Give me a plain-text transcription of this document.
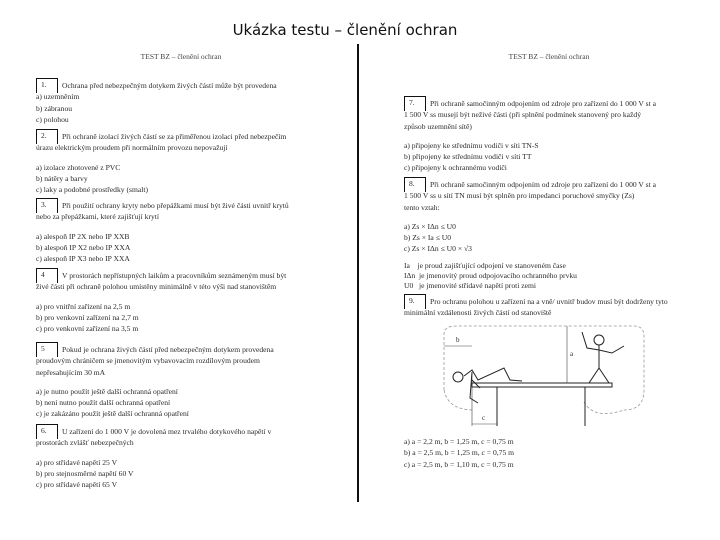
Ukázka testu – členění ochran
TEST BZ – členění ochran
1.	Ochrana před nebezpečným dotykem živých částí může být provedena
a) uzemněním
b) zábranou
c) polohou
2.	Při ochraně izolací živých částí se za přiměřenou izolaci před nebezpečím
úrazu elektrickým proudem při normálním provozu nepovažují
a) izolace zhotovené z PVC
b) nátěry a barvy
c) laky a podobné prostředky (smalt)
3.	Při použití ochrany kryty nebo přepážkami musí být živé části uvnitř krytů
nebo za přepážkami, které zajišťují krytí
a) alespoň IP 2X nebo IP XXB
b) alespoň IP X2 nebo IP XXA
c) alespoň IP X3 nebo IP XXA
4	V prostorách nepřístupných laikům a pracovníkům seznámeným musí být
živé části při ochraně polohou umístěny minimálně v této výši nad stanovištěm
a) pro vnitřní zařízení na 2,5 m
b) pro venkovní zařízení na 2,7 m
c) pro venkovní zařízení na 3,5 m
5	Pokud je ochrana živých částí před nebezpečným dotykem provedena
proudovým chráničem se jmenovitým vybavovacím rozdílovým proudem
nepřesahujícím 30 mA
a) je nutno použít ještě další ochranná opatření
b) není nutno použít další ochranná opatření
c) je zakázáno použít ještě další ochranná opatření
6.	U zařízení do 1 000 V je dovolená mez trvalého dotykového napětí v
prostorách zvlášť nebezpečných
a) pro střídavé napětí 25 V
b) pro stejnosměrné napětí 60 V
c) pro střídavé napětí 65 V
TEST BZ – členění ochran
b
a
c
a) a = 2,2 m, b = 1,25 m, c = 0,75 m
b) a = 2,5 m, b = 1,25 m, c = 0,75 m
c) a = 2,5 m, b = 1,10 m, c = 0,75 m
7.	Při ochraně samočinným odpojením od zdroje pro zařízení do 1 000 V st a
1 500 V ss musejí být neživé části (při splnění podmínek stanovený pro každý
způsob uzemnění sítě)
a) připojeny ke střednímu vodiči v síti TN-S
b) připojeny ke střednímu vodiči v síti TT
c) připojeny k ochrannému vodiči
8.	Při ochraně samočinným odpojením od zdroje pro zařízení do 1 000 V st a
1 500 V ss u sítí TN musí být splněn pro impedanci poruchové smyčky (Zs)
tento vztah:
a) Zs × IΔn ≤ U0
b) Zs × Ia ≤ U0
c) Zs × IΔn ≤ U0 × √3
Ia    je proud zajišťující odpojení ve stanoveném čase
IΔn  je jmenovitý proud odpojovacího ochranného prvku
U0   je jmenovité střídavé napětí proti zemi
9.	Pro ochranu polohou u zařízení na a vně/ uvnitř budov musí být dodrženy tyto
minimální vzdálenosti živých částí od stanoviště
